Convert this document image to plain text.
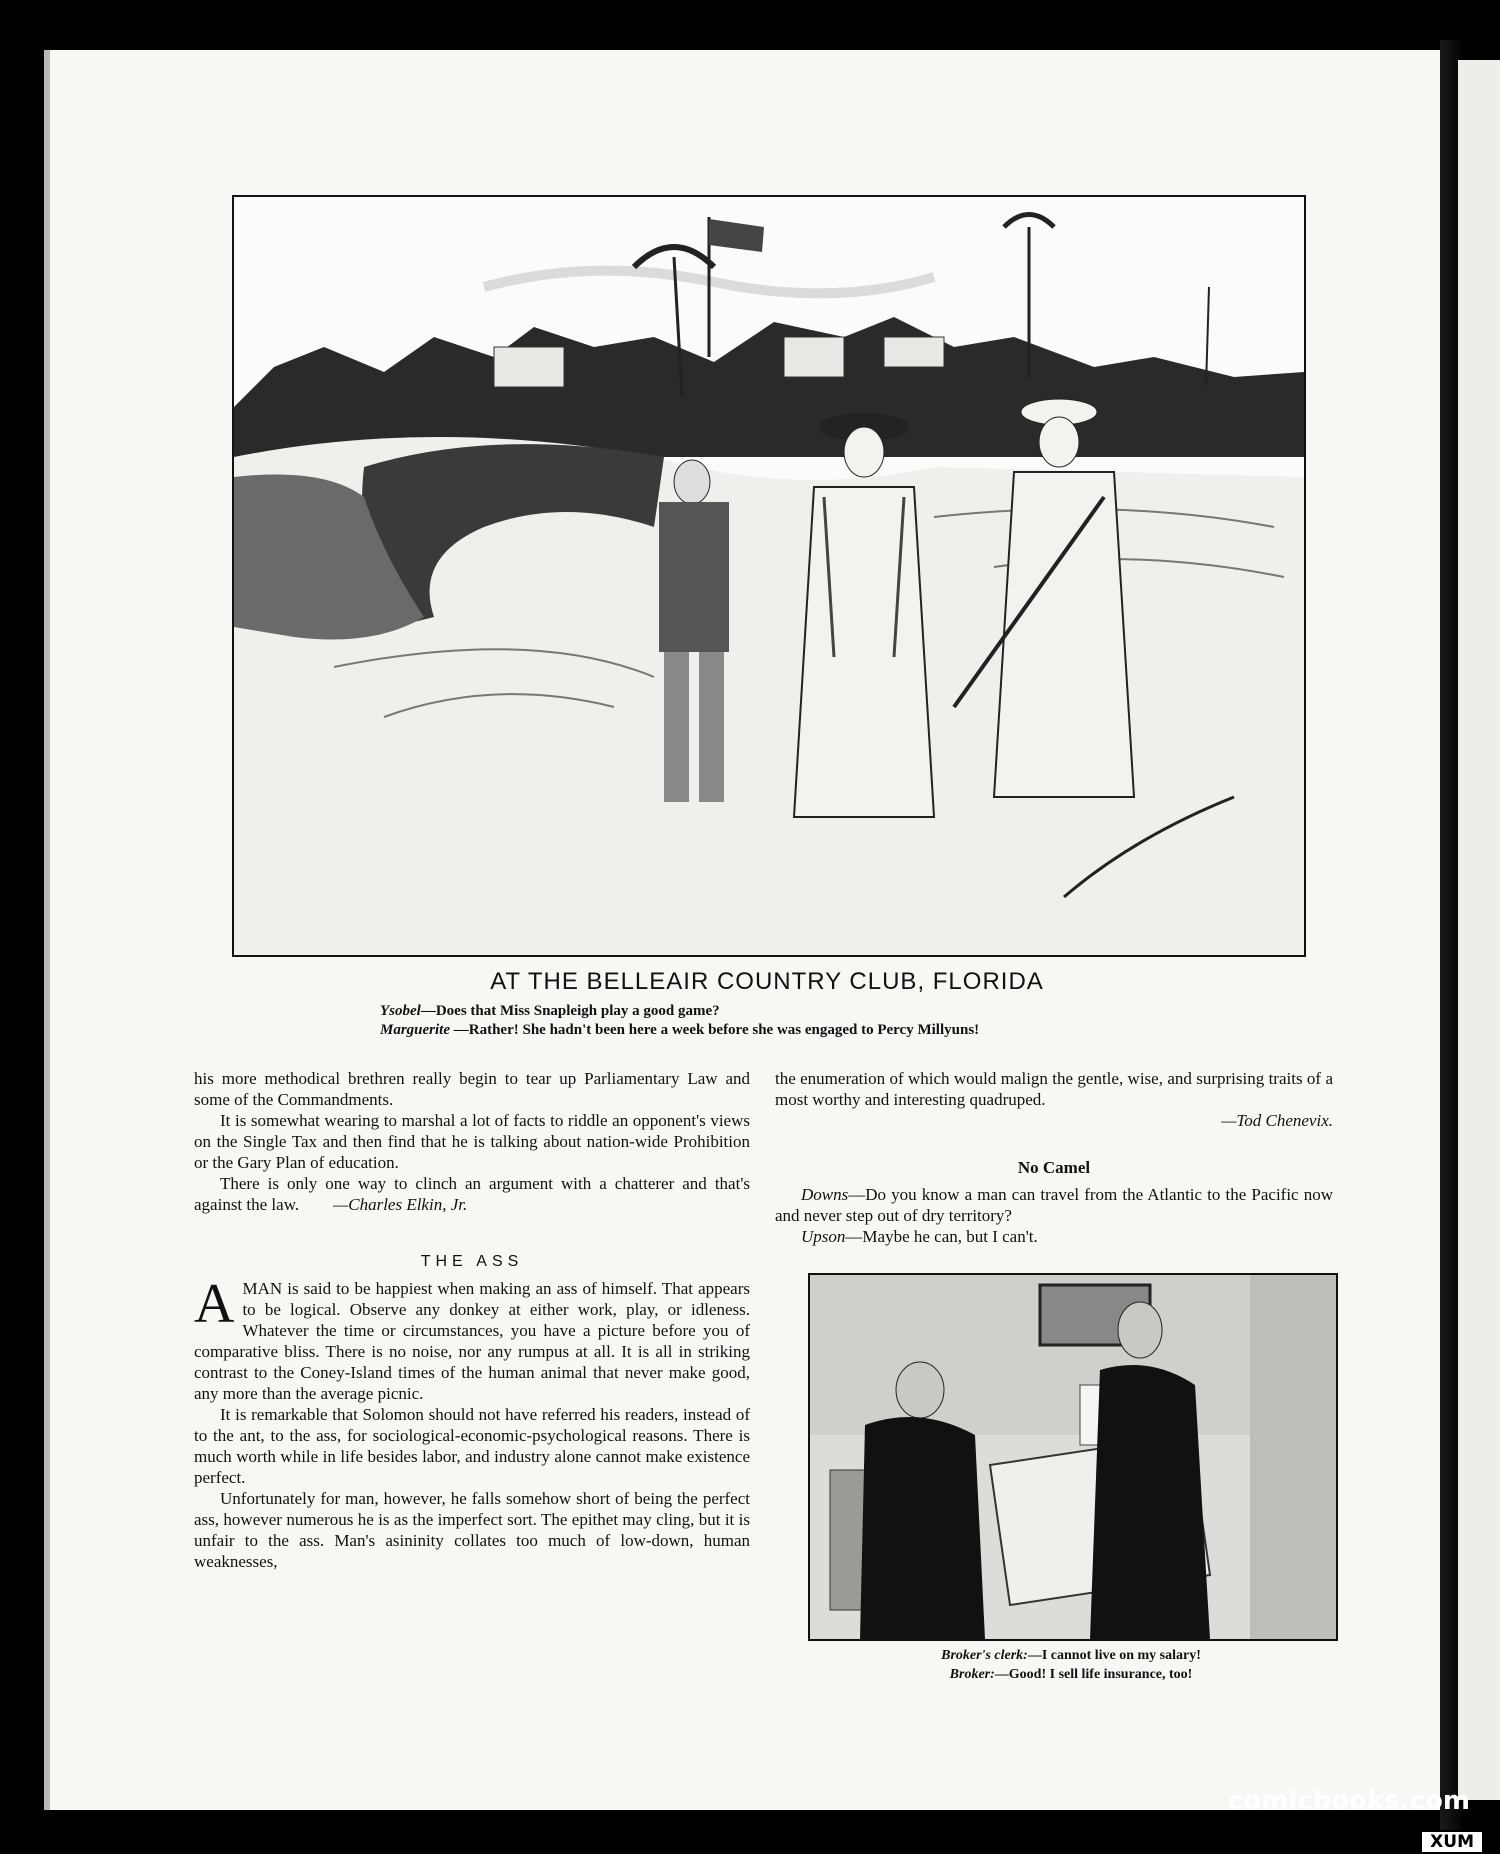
AT THE BELLEAIR COUNTRY CLUB, FLORIDA
Ysobel—Does that Miss Snapleigh play a good game?
Marguerite —Rather! She hadn't been here a week before she was engaged to Percy Millyuns!

his more methodical brethren really begin to tear up Parliamentary Law and some of the Commandments.

It is somewhat wearing to marshal a lot of facts to riddle an opponent's views on the Single Tax and then find that he is talking about nation-wide Prohibition or the Gary Plan of education.

There is only one way to clinch an argument with a chatterer and that's against the law. —Charles Elkin, Jr.

THE ASS

AMAN is said to be happiest when making an ass of himself. That appears to be logical. Observe any donkey at either work, play, or idleness. Whatever the time or circumstances, you have a picture before you of comparative bliss. There is no noise, nor any rumpus at all. It is all in striking contrast to the Coney-Island times of the human animal that never make good, any more than the average picnic.

It is remarkable that Solomon should not have referred his readers, instead of to the ant, to the ass, for sociological-economic-psychological reasons. There is much worth while in life besides labor, and industry alone cannot make existence perfect.

Unfortunately for man, however, he falls somehow short of being the perfect ass, however numerous he is as the imperfect sort. The epithet may cling, but it is unfair to the ass. Man's asininity collates too much of low-down, human weaknesses,

the enumeration of which would malign the gentle, wise, and surprising traits of a most worthy and interesting quadruped.

—Tod Chenevix.
No Camel

Downs—Do you know a man can travel from the Atlantic to the Pacific now and never step out of dry territory?

Upson—Maybe he can, but I can't.

Broker's clerk:—I cannot live on my salary!
Broker:—Good! I sell life insurance, too!
comicbooks.com
XUM
